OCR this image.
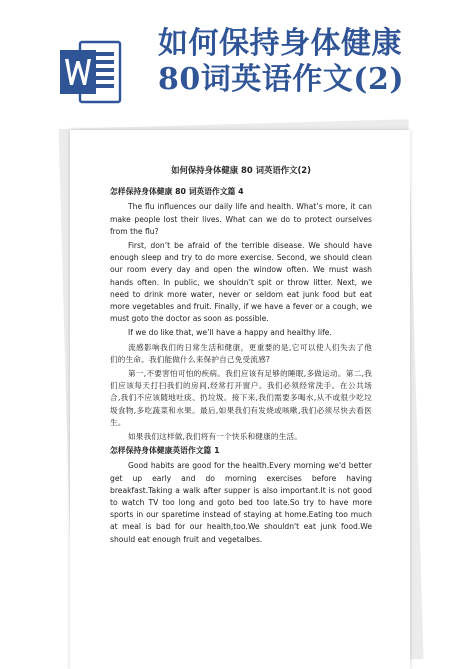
如何保持身体健康
80词英语作文(2)
如何保持身体健康 80 词英语作文(2)
怎样保持身体健康 80 词英语作文篇 4

The flu influences our daily life and health. What’s more, it can make people lost their lives. What can we do to protect ourselves from the flu?

First, don’t be afraid of the terrible disease. We should have enough sleep and try to do more exercise. Second, we should clean our room every day and open the window often. We must wash hands often. In public, we shouldn’t spit or throw litter. Next, we need to drink more water, never or seldom eat junk food but eat more vegetables and fruit. Finally, if we have a fever or a cough, we must goto the doctor as soon as possible.

If we do like that, we’ll have a happy and healthy life.

流感影响我们的日常生活和健康，更重要的是,它可以使人们失去了他们的生命。我们能做什么来保护自己免受流感?

第一,不要害怕可怕的疾病。我们应该有足够的睡眠,多做运动。第二,我们应该每天打扫我们的房间,经常打开窗户。我们必须经常洗手。在公共场合,我们不应该随地吐痰、扔垃圾。接下来,我们需要多喝水,从不或很少吃垃圾食物,多吃蔬菜和水果。最后,如果我们有发烧或咳嗽,我们必须尽快去看医生。

如果我们这样做,我们将有一个快乐和健康的生活。

怎样保持身体健康英语作文篇 1

Good habits are good for the health.Every morning we'd better get up early and do morning exercises before having breakfast.Taking a walk after supper is also important.It is not good to watch TV too long and goto bed too late.So try to have more sports in our sparetime instead of staying at home.Eating too much at meal is bad for our health,too.We shouldn't eat junk food.We should eat enough fruit and vegetalbes.
